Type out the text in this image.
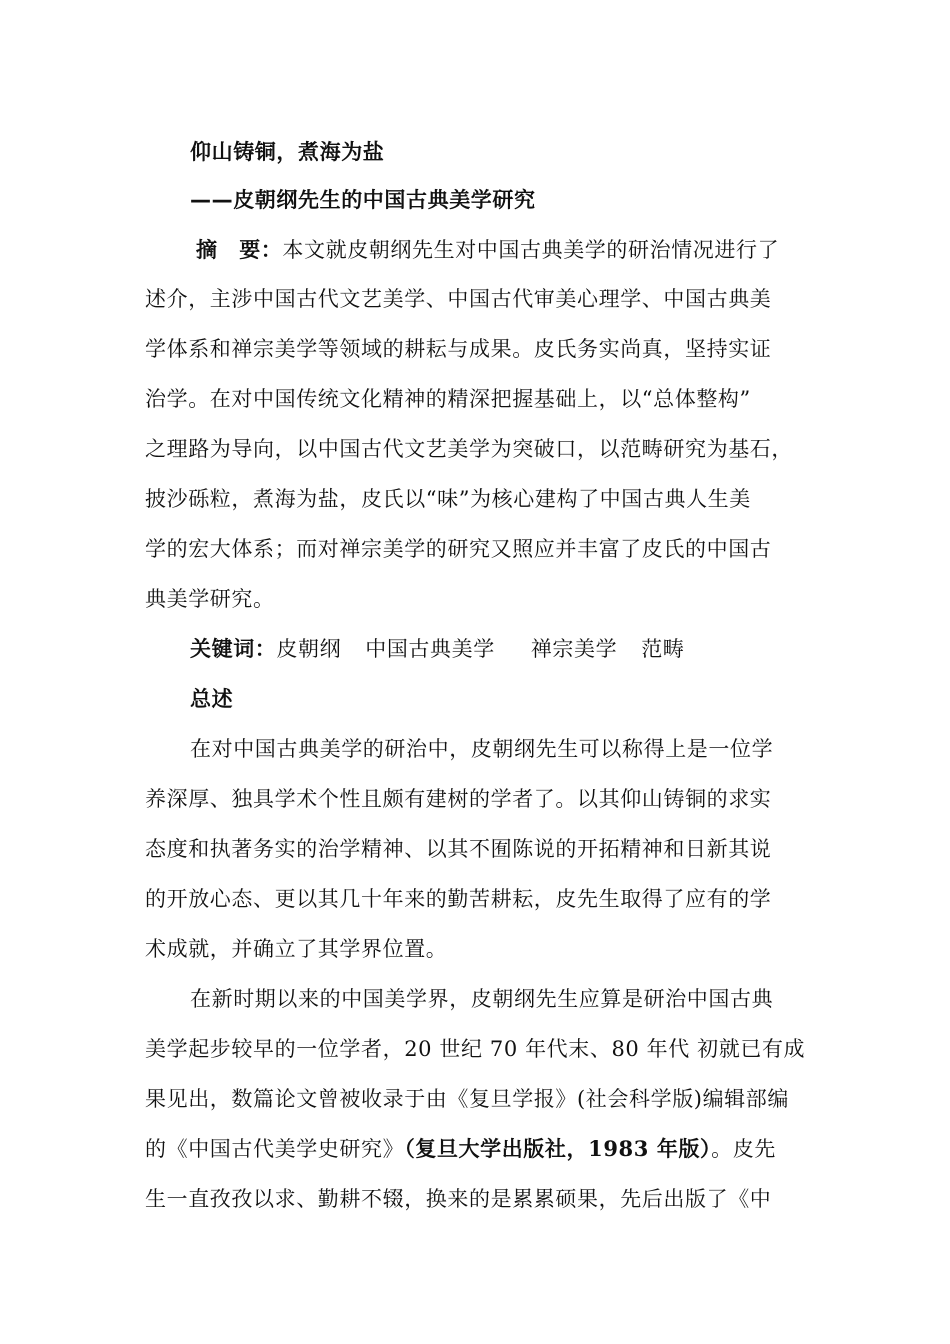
仰山铸铜，煮海为盐
——皮朝纲先生的中国古典美学研究
摘　要：本文就皮朝纲先生对中国古典美学的研治情况进行了
述介，主涉中国古代文艺美学、中国古代审美心理学、中国古典美
学体系和禅宗美学等领域的耕耘与成果。皮氏务实尚真，坚持实证
治学。在对中国传统文化精神的精深把握基础上，以“总体整构”
之理路为导向，以中国古代文艺美学为突破口，以范畴研究为基石，
披沙砾粒，煮海为盐，皮氏以“味”为核心建构了中国古典人生美
学的宏大体系；而对禅宗美学的研究又照应并丰富了皮氏的中国古
典美学研究。
关键词：皮朝纲 中国古典美学 禅宗美学 范畴
总述
在对中国古典美学的研治中，皮朝纲先生可以称得上是一位学
养深厚、独具学术个性且颇有建树的学者了。以其仰山铸铜的求实
态度和执著务实的治学精神、以其不囿陈说的开拓精神和日新其说
的开放心态、更以其几十年来的勤苦耕耘，皮先生取得了应有的学
术成就，并确立了其学界位置。
在新时期以来的中国美学界，皮朝纲先生应算是研治中国古典
美学起步较早的一位学者，20 世纪 70 年代末、80 年代 初就已有成
果见出，数篇论文曾被收录于由《复旦学报》(社会科学版)编辑部编
的《中国古代美学史研究》（复旦大学出版社，1983 年版）。皮先
生一直孜孜以求、勤耕不辍，换来的是累累硕果，先后出版了《中
